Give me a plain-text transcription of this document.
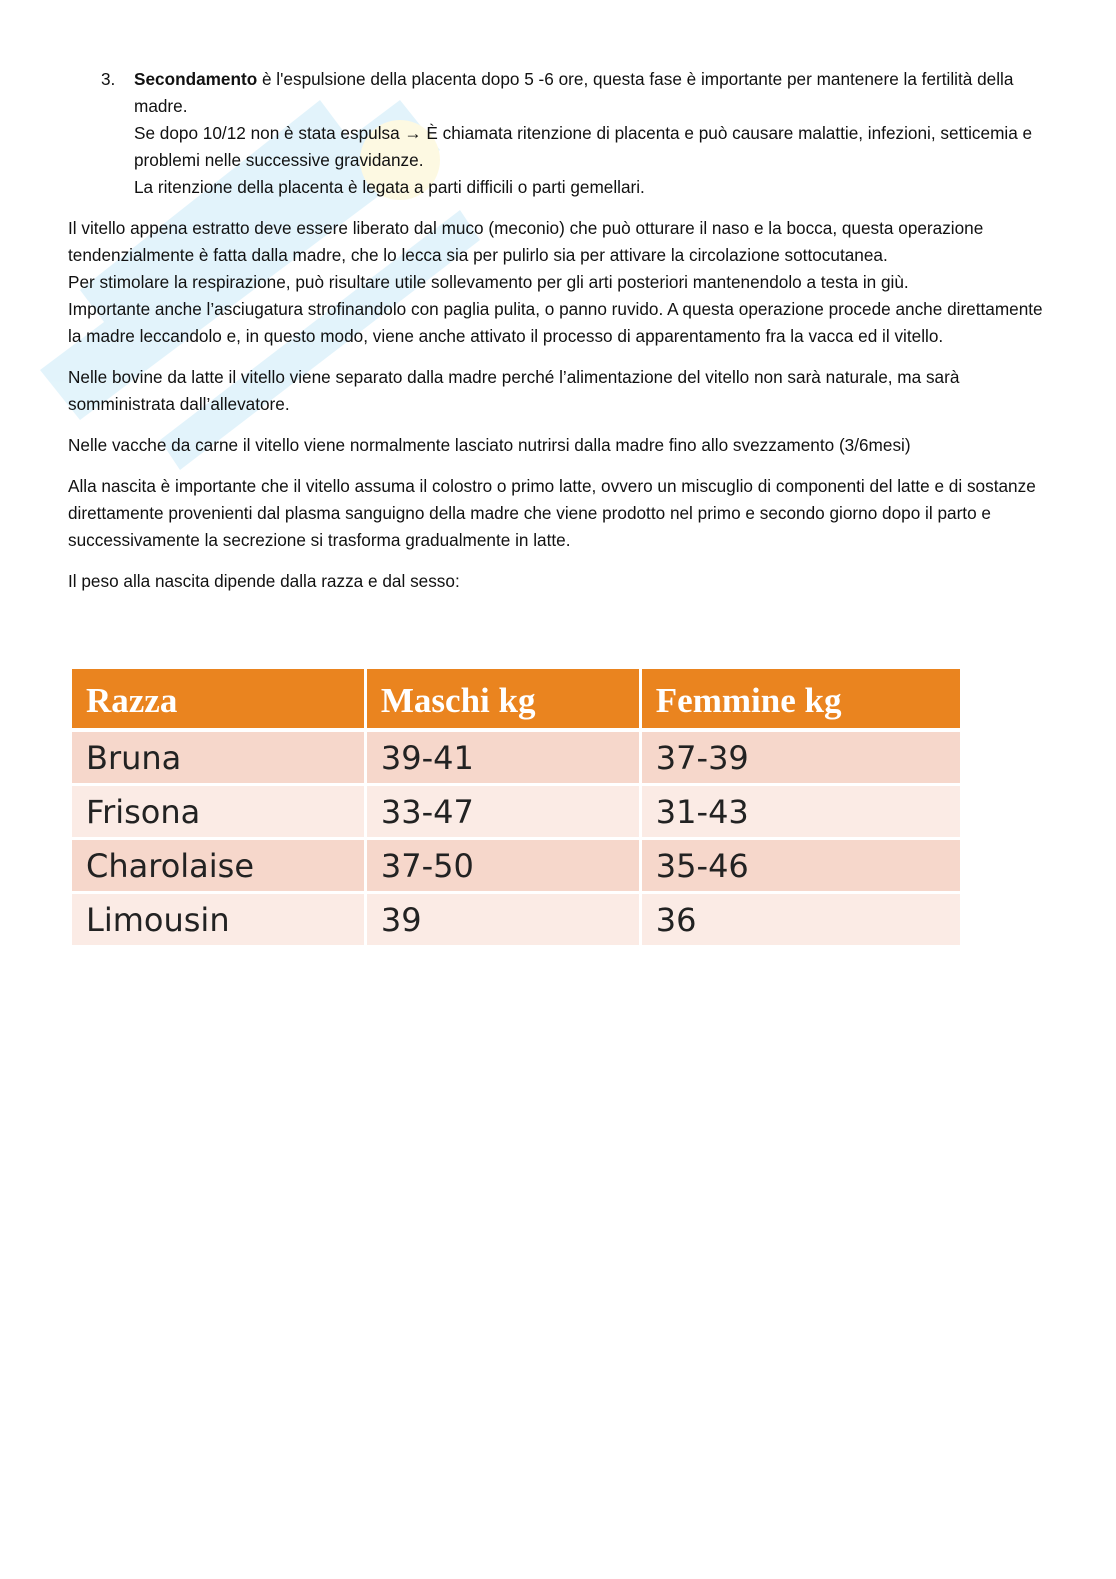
3. Secondamento è l'espulsione della placenta dopo 5 -6 ore, questa fase è importante per mantenere la fertilità della madre.

Se dopo 10/12 non è stata espulsa → È chiamata ritenzione di placenta e può causare malattie, infezioni, setticemia e problemi nelle successive gravidanze.

La ritenzione della placenta è legata a parti difficili o parti gemellari.

Il vitello appena estratto deve essere liberato dal muco (meconio) che può otturare il naso e la bocca, questa operazione tendenzialmente è fatta dalla madre, che lo lecca sia per pulirlo sia per attivare la circolazione sottocutanea.
Per stimolare la respirazione, può risultare utile sollevamento per gli arti posteriori mantenendolo a testa in giù.
Importante anche l’asciugatura strofinandolo con paglia pulita, o panno ruvido. A questa operazione procede anche direttamente la madre leccandolo e, in questo modo, viene anche attivato il processo di apparentamento fra la vacca ed il vitello.

Nelle bovine da latte il vitello viene separato dalla madre perché l’alimentazione del vitello non sarà naturale, ma sarà somministrata dall’allevatore.

Nelle vacche da carne il vitello viene normalmente lasciato nutrirsi dalla madre fino allo svezzamento (3/6mesi)

Alla nascita è importante che il vitello assuma il colostro o primo latte, ovvero un miscuglio di componenti del latte e di sostanze direttamente provenienti dal plasma sanguigno della madre che viene prodotto nel primo e secondo giorno dopo il parto e successivamente la secrezione si trasforma gradualmente in latte.

Il peso alla nascita dipende dalla razza e dal sesso:

Razza	Maschi kg	Femmine kg
Bruna	39-41	37-39
Frisona	33-47	31-43
Charolaise	37-50	35-46
Limousin	39	36
